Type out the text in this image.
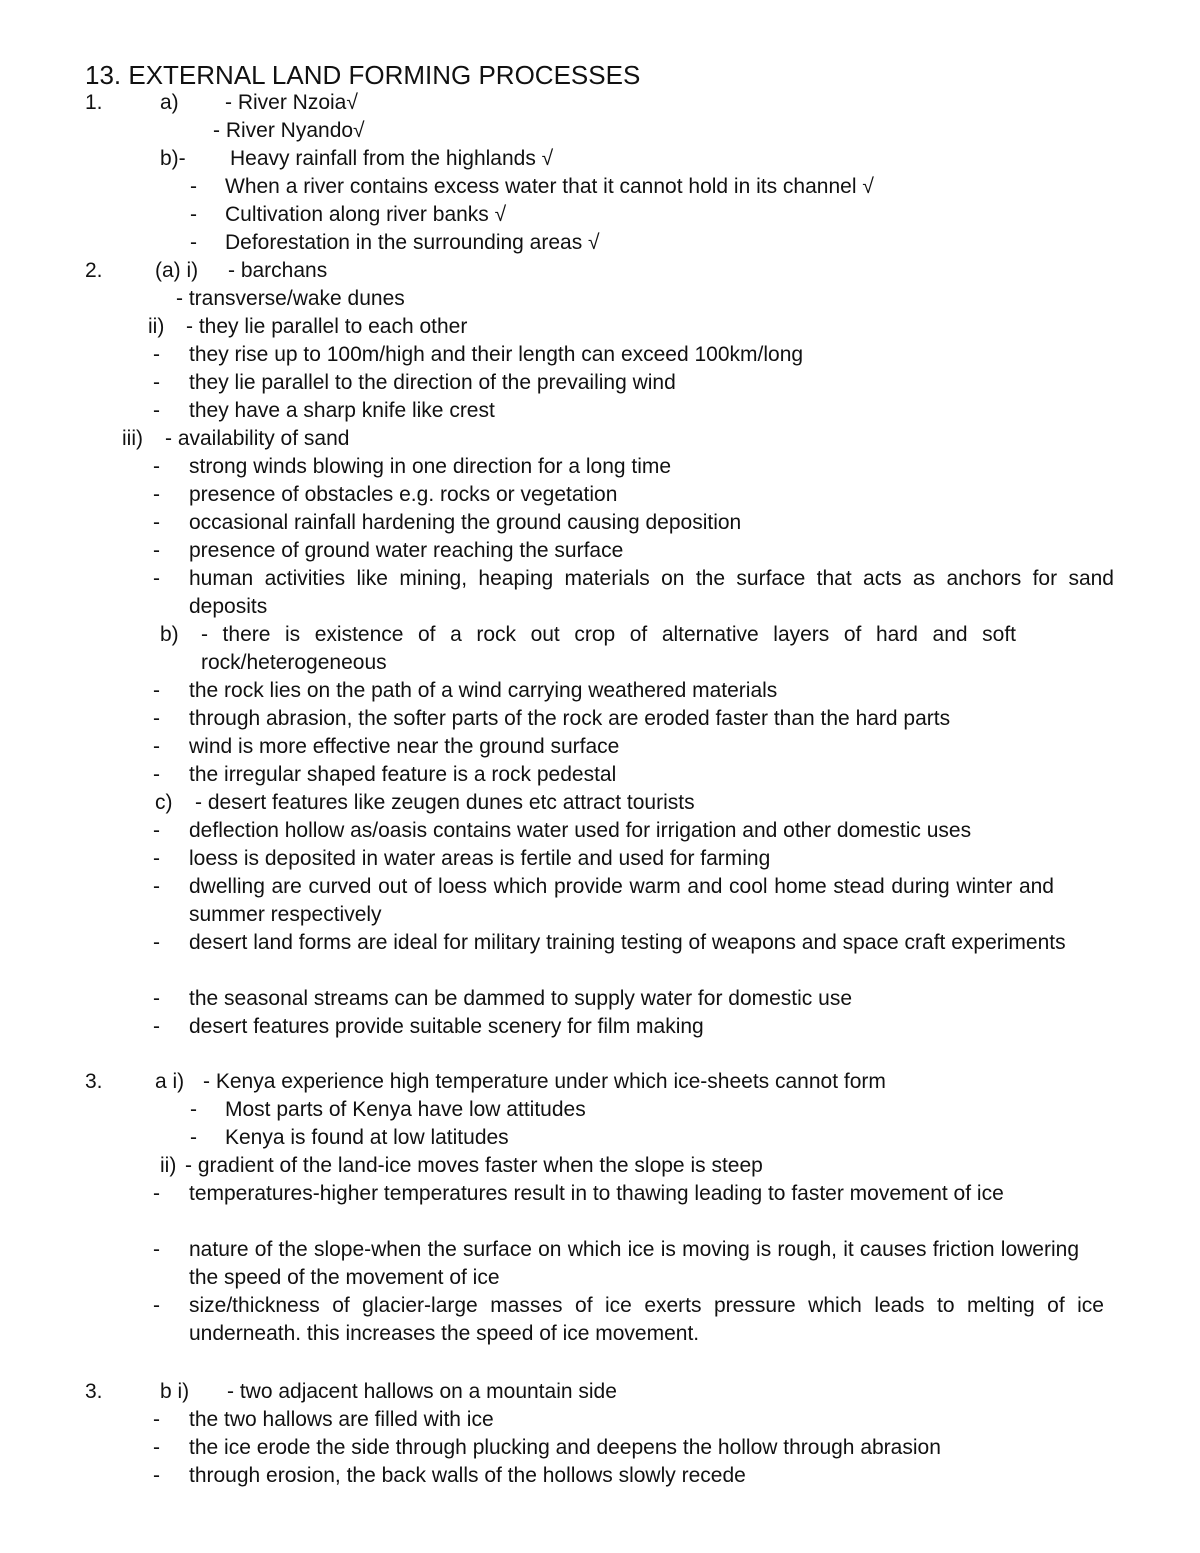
13. EXTERNAL LAND FORMING PROCESSES
1.	a) - River Nzoia√
- River Nyando√
b)- Heavy rainfall from the highlands √
- When a river contains excess water that it cannot hold in its channel √
- Cultivation along river banks √
- Deforestation in the surrounding areas √
2. (a) i) - barchans
- transverse/wake dunes
ii) - they lie parallel to each other
- they rise up to 100m/high and their length can exceed 100km/long
- they lie parallel to the direction of the prevailing wind
- they have a sharp knife like crest
iii) - availability of sand
- strong winds blowing in one direction for a long time
- presence of obstacles e.g. rocks or vegetation
- occasional rainfall hardening the ground causing deposition
- presence of ground water reaching the surface
- human activities like mining, heaping materials on the surface that acts as anchors for sand deposits
b) - there is existence of a rock out crop of alternative layers of hard and soft rock/heterogeneous
- the rock lies on the path of a wind carrying weathered materials
- through abrasion, the softer parts of the rock are eroded faster than the hard parts
- wind is more effective near the ground surface
- the irregular shaped feature is a rock pedestal
c) - desert features like zeugen dunes etc attract tourists
- deflection hollow as/oasis contains water used for irrigation and other domestic uses
- loess is deposited in water areas is fertile and used for farming
- dwelling are curved out of loess which provide warm and cool home stead during winter and summer respectively
- desert land forms are ideal for military training testing of weapons and space craft experiments
- the seasonal streams can be dammed to supply water for domestic use
- desert features provide suitable scenery for film making
3. a i) - Kenya experience high temperature under which ice-sheets cannot form
- Most parts of Kenya have low attitudes
- Kenya is found at low latitudes
ii) - gradient of the land-ice moves faster when the slope is steep
- temperatures-higher temperatures result in to thawing leading to faster movement of ice
- nature of the slope-when the surface on which ice is moving is rough, it causes friction lowering the speed of the movement of ice
- size/thickness of glacier-large masses of ice exerts pressure which leads to melting of ice underneath. this increases the speed of ice movement.
3.	b i) - two adjacent hallows on a mountain side
- the two hallows are filled with ice
- the ice erode the side through plucking and deepens the hollow through abrasion
- through erosion, the back walls of the hollows slowly recede
